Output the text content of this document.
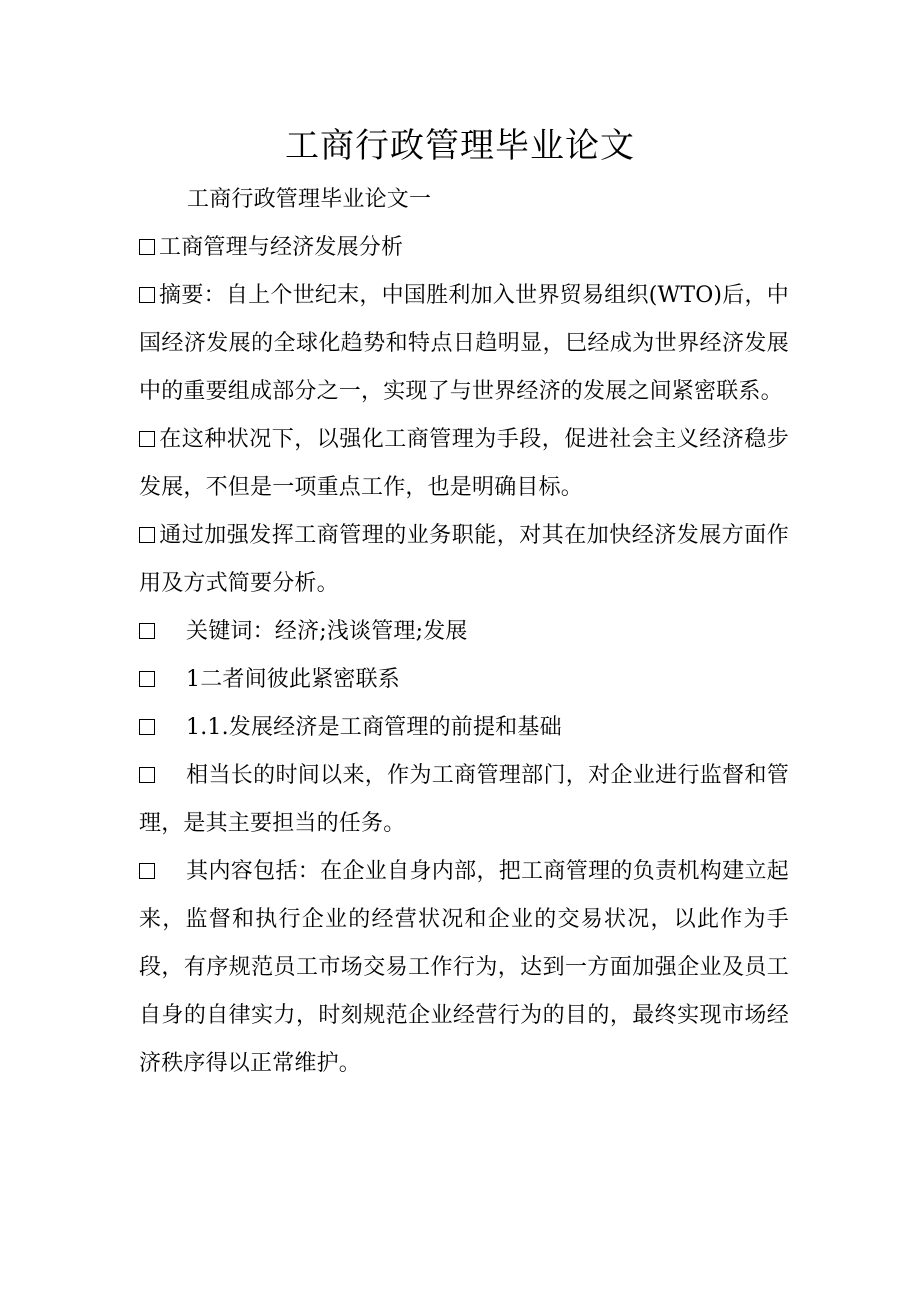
工商行政管理毕业论文

工商行政管理毕业论文一

工商管理与经济发展分析

摘要：自上个世纪末，中国胜利加入世界贸易组织(WTO)后，中国经济发展的全球化趋势和特点日趋明显，巳经成为世界经济发展中的重要组成部分之一，实现了与世界经济的发展之间紧密联系。

在这种状况下，以强化工商管理为手段，促进社会主义经济稳步发展，不但是一项重点工作，也是明确目标。

通过加强发挥工商管理的业务职能，对其在加快经济发展方面作用及方式简要分析。

关键词：经济;浅谈管理;发展

1二者间彼此紧密联系

1.1.发展经济是工商管理的前提和基础

相当长的时间以来，作为工商管理部门，对企业进行监督和管理，是其主要担当的任务。

其内容包括：在企业自身内部，把工商管理的负责机构建立起来，监督和执行企业的经营状况和企业的交易状况，以此作为手段，有序规范员工市场交易工作行为，达到一方面加强企业及员工自身的自律实力，时刻规范企业经营行为的目的，最终实现市场经济秩序得以正常维护。
